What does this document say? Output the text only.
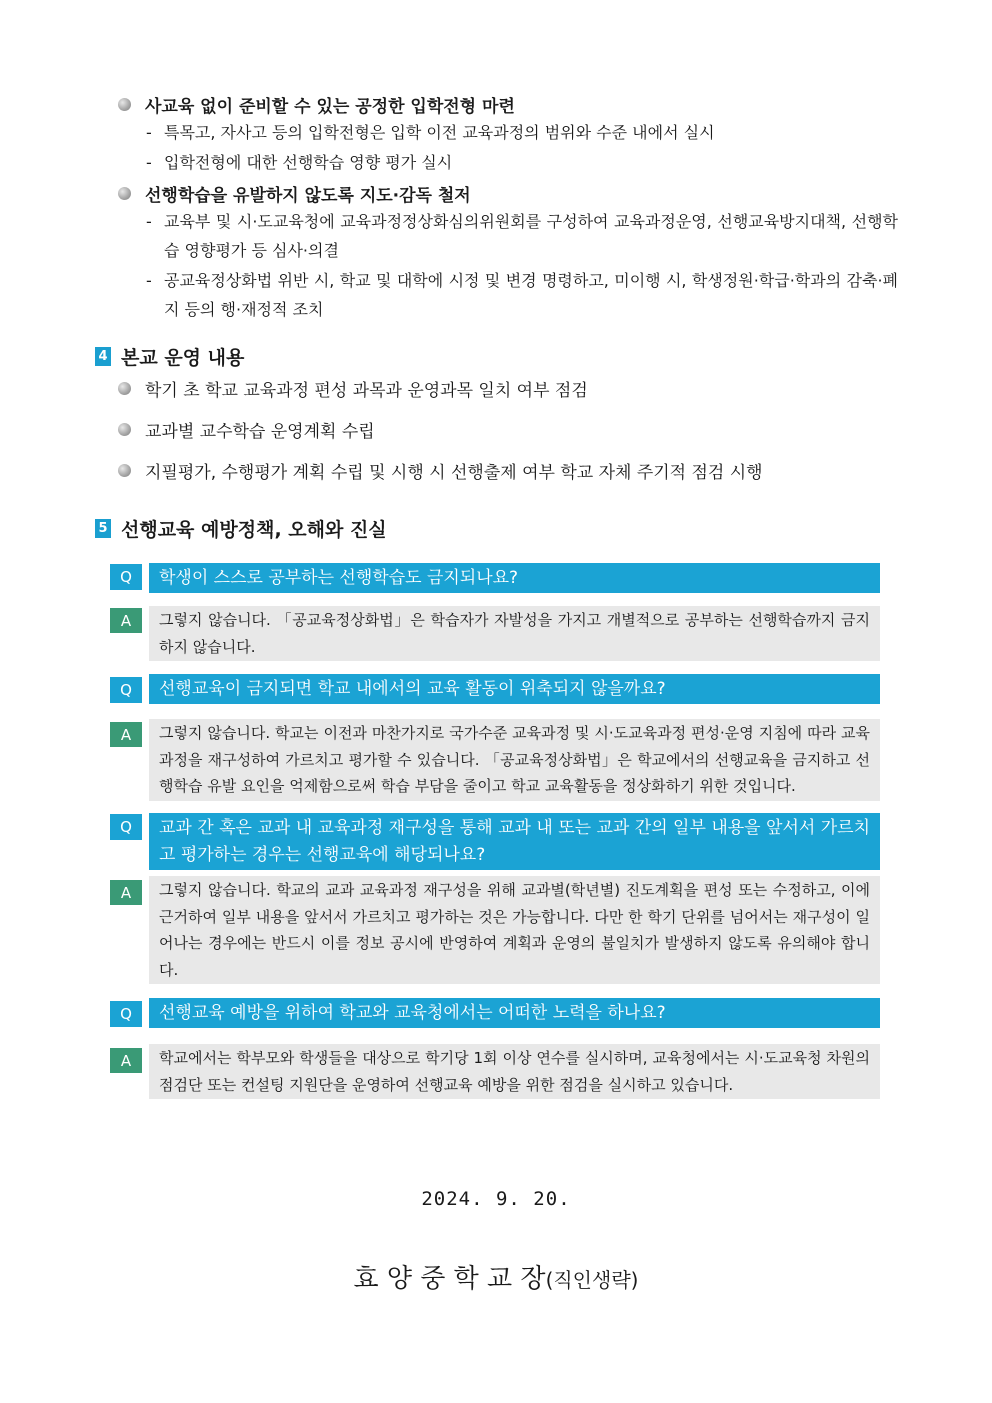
사교육 없이 준비할 수 있는 공정한 입학전형 마련
- 특목고, 자사고 등의 입학전형은 입학 이전 교육과정의 범위와 수준 내에서 실시
- 입학전형에 대한 선행학습 영향 평가 실시
선행학습을 유발하지 않도록 지도·감독 철저
- 교육부 및 시·도교육청에 교육과정정상화심의위원회를 구성하여 교육과정운영, 선행교육방지대책, 선행학습 영향평가 등 심사·의결
- 공교육정상화법 위반 시, 학교 및 대학에 시정 및 변경 명령하고, 미이행 시, 학생정원·학급·학과의 감축·폐지 등의 행·재정적 조치
4 본교 운영 내용
학기 초 학교 교육과정 편성 과목과 운영과목 일치 여부 점검
교과별 교수학습 운영계획 수립
지필평가, 수행평가 계획 수립 및 시행 시 선행출제 여부 학교 자체 주기적 점검 시행
5 선행교육 예방정책, 오해와 진실
Q	학생이 스스로 공부하는 선행학습도 금지되나요?
A	그렇지 않습니다. 「공교육정상화법」은 학습자가 자발성을 가지고 개별적으로 공부하는 선행학습까지 금지하지 않습니다.
Q	선행교육이 금지되면 학교 내에서의 교육 활동이 위축되지 않을까요?
A	그렇지 않습니다. 학교는 이전과 마찬가지로 국가수준 교육과정 및 시·도교육과정 편성·운영 지침에 따라 교육과정을 재구성하여 가르치고 평가할 수 있습니다. 「공교육정상화법」은 학교에서의 선행교육을 금지하고 선행학습 유발 요인을 억제함으로써 학습 부담을 줄이고 학교 교육활동을 정상화하기 위한 것입니다.
Q	교과 간 혹은 교과 내 교육과정 재구성을 통해 교과 내 또는 교과 간의 일부 내용을 앞서서 가르치고 평가하는 경우는 선행교육에 해당되나요?
A	그렇지 않습니다. 학교의 교과 교육과정 재구성을 위해 교과별(학년별) 진도계획을 편성 또는 수정하고, 이에 근거하여 일부 내용을 앞서서 가르치고 평가하는 것은 가능합니다. 다만 한 학기 단위를 넘어서는 재구성이 일어나는 경우에는 반드시 이를 정보 공시에 반영하여 계획과 운영의 불일치가 발생하지 않도록 유의해야 합니다.
Q	선행교육 예방을 위하여 학교와 교육청에서는 어떠한 노력을 하나요?
A	학교에서는 학부모와 학생들을 대상으로 학기당 1회 이상 연수를 실시하며, 교육청에서는 시·도교육청 차원의 점검단 또는 컨설팅 지원단을 운영하여 선행교육 예방을 위한 점검을 실시하고 있습니다.
2024. 9. 20.
효 양 중 학 교 장(직인생략)
